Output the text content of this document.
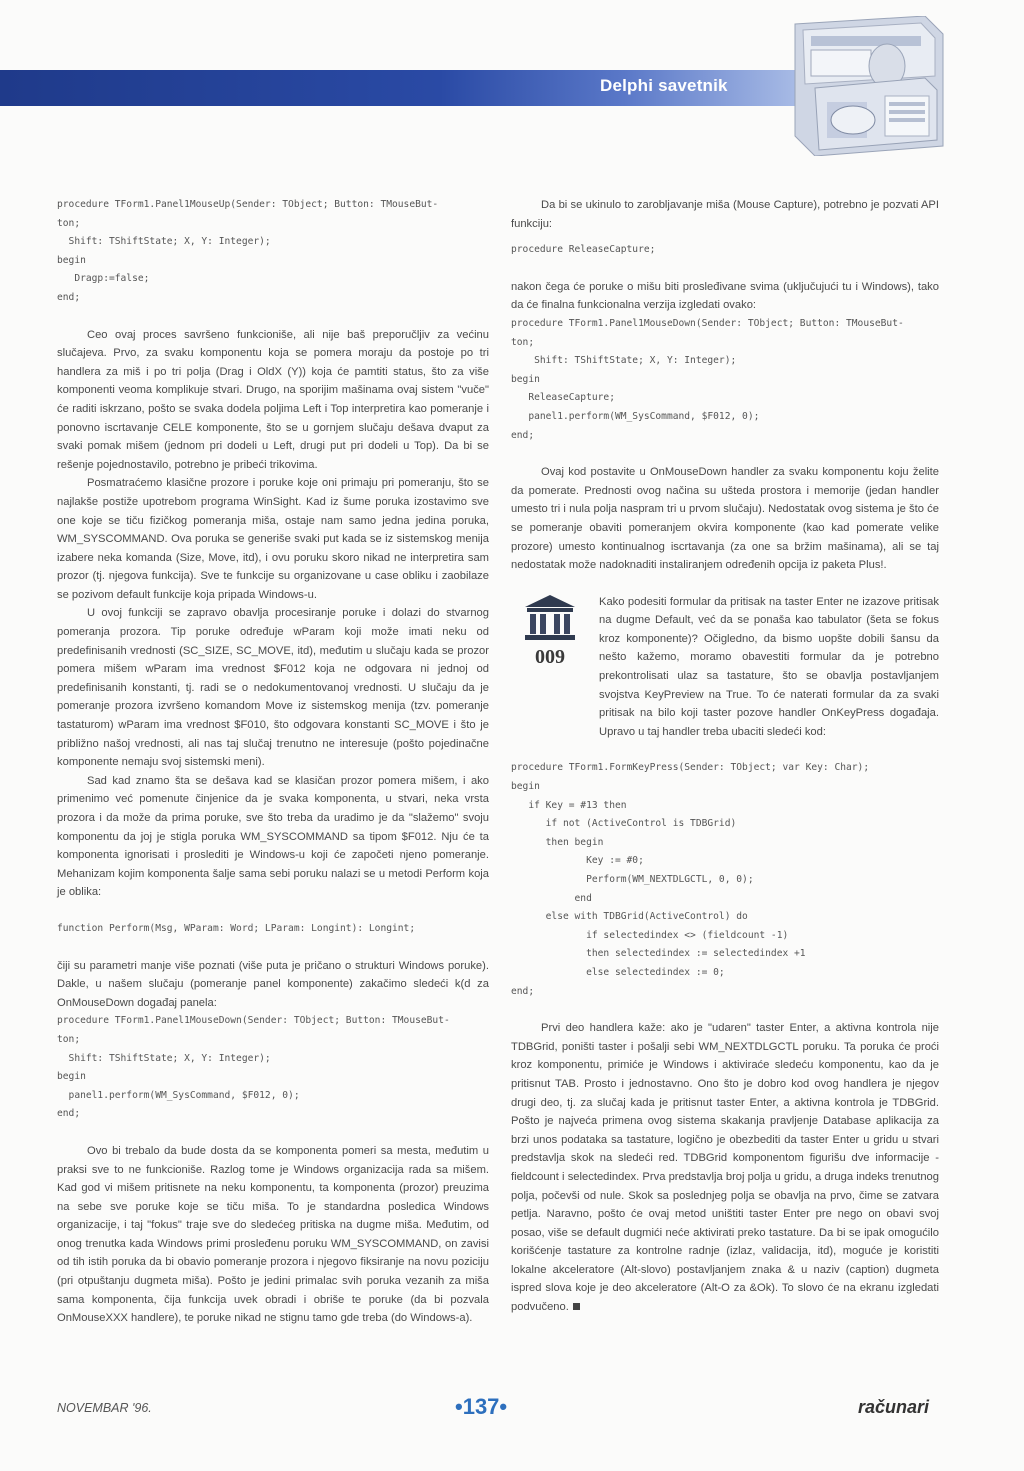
Delphi savetnik
procedure TForm1.Panel1MouseUp(Sender: TObject; Button: TMouseBut-
ton;
Shift: TShiftState; X, Y: Integer);
begin
Dragp:=false;
end;

Ceo ovaj proces savršeno funkcioniše, ali nije baš preporučljiv za većinu slučajeva. Prvo, za svaku komponentu koja se pomera moraju da postoje po tri handlera za miš i po tri polja (Drag i OldX (Y)) koja će pamtiti status, što za više komponenti veoma komplikuje stvari. Drugo, na sporijim mašinama ovaj sistem "vuče" će raditi iskrzano, pošto se svaka dodela poljima Left i Top interpretira kao pomeranje i ponovno iscrtavanje CELE komponente, što se u gornjem slučaju dešava dvaput za svaki pomak mišem (jednom pri dodeli u Left, drugi put pri dodeli u Top). Da bi se rešenje pojednostavilo, potrebno je pribeći trikovima.

Posmatraćemo klasične prozore i poruke koje oni primaju pri pomeranju, što se najlakše postiže upotrebom programa WinSight. Kad iz šume poruka izostavimo sve one koje se tiču fizičkog pomeranja miša, ostaje nam samo jedna jedina poruka, WM_SYSCOMMAND. Ova poruka se generiše svaki put kada se iz sistemskog menija izabere neka komanda (Size, Move, itd), i ovu poruku skoro nikad ne interpretira sam prozor (tj. njegova funkcija). Sve te funkcije su organizovane u case obliku i zaobilaze se pozivom default funkcije koja pripada Windows-u.

U ovoj funkciji se zapravo obavlja procesiranje poruke i dolazi do stvarnog pomeranja prozora. Tip poruke određuje wParam koji može imati neku od predefinisanih vrednosti (SC_SIZE, SC_MOVE, itd), međutim u slučaju kada se prozor pomera mišem wParam ima vrednost $F012 koja ne odgovara ni jednoj od predefinisanih konstanti, tj. radi se o nedokumentovanoj vrednosti. U slučaju da je pomeranje prozora izvršeno komandom Move iz sistemskog menija (tzv. pomeranje tastaturom) wParam ima vrednost $F010, što odgovara konstanti SC_MOVE i što je približno našoj vrednosti, ali nas taj slučaj trenutno ne interesuje (pošto pojedinačne komponente nemaju svoj sistemski meni).

Sad kad znamo šta se dešava kad se klasičan prozor pomera mišem, i ako primenimo već pomenute činjenice da je svaka komponenta, u stvari, neka vrsta prozora i da može da prima poruke, sve što treba da uradimo je da "slažemo" svoju komponentu da joj je stigla poruka WM_SYSCOMMAND sa tipom $F012. Nju će ta komponenta ignorisati i proslediti je Windows-u koji će započeti njeno pomeranje. Mehanizam kojim komponenta šalje sama sebi poruku nalazi se u metodi Perform koja je oblika:

function Perform(Msg, WParam: Word; LParam: Longint): Longint;

čiji su parametri manje više poznati (više puta je pričano o strukturi Windows poruke). Dakle, u našem slučaju (pomeranje panel komponente) zakačimo sledeći k(d za OnMouseDown događaj panela:

procedure TForm1.Panel1MouseDown(Sender: TObject; Button: TMouseBut-
ton;
Shift: TShiftState; X, Y: Integer);
begin
panel1.perform(WM_SysCommand, $F012, 0);
end;

Ovo bi trebalo da bude dosta da se komponenta pomeri sa mesta, međutim u praksi sve to ne funkcioniše. Razlog tome je Windows organizacija rada sa mišem. Kad god vi mišem pritisnete na neku komponentu, ta komponenta (prozor) preuzima na sebe sve poruke koje se tiču miša. To je standardna posledica Windows organizacije, i taj "fokus" traje sve do sledećeg pritiska na dugme miša. Međutim, od onog trenutka kada Windows primi prosleđenu poruku WM_SYSCOMMAND, on zavisi od tih istih poruka da bi obavio pomeranje prozora i njegovo fiksiranje na novu poziciju (pri otpuštanju dugmeta miša). Pošto je jedini primalac svih poruka vezanih za miša sama komponenta, čija funkcija uvek obradi i obriše te poruke (da bi pozvala OnMouseXXX handlere), te poruke nikad ne stignu tamo gde treba (do Windows-a).

Da bi se ukinulo to zarobljavanje miša (Mouse Capture), potrebno je pozvati API funkciju:

procedure ReleaseCapture;

nakon čega će poruke o mišu biti prosleđivane svima (uključujući tu i Windows), tako da će finalna funkcionalna verzija izgledati ovako:

procedure TForm1.Panel1MouseDown(Sender: TObject; Button: TMouseBut-
ton;
Shift: TShiftState; X, Y: Integer);
begin
ReleaseCapture;
panel1.perform(WM_SysCommand, $F012, 0);
end;

Ovaj kod postavite u OnMouseDown handler za svaku komponentu koju želite da pomerate. Prednosti ovog načina su ušteda prostora i memorije (jedan handler umesto tri i nula polja naspram tri u prvom slučaju). Nedostatak ovog sistema je što će se pomeranje obaviti pomeranjem okvira komponente (kao kad pomerate velike prozore) umesto kontinualnog iscrtavanja (za one sa bržim mašinama), ali se taj nedostatak može nadoknaditi instaliranjem određenih opcija iz paketa Plus!.

009

Kako podesiti formular da pritisak na taster Enter ne izazove pritisak na dugme Default, već da se ponaša kao tabulator (šeta se fokus kroz komponente)? Očigledno, da bismo uopšte dobili šansu da nešto kažemo, moramo obavestiti formular da je potrebno prekontrolisati ulaz sa tastature, što se obavlja postavljanjem svojstva KeyPreview na True. To će naterati formular da za svaki pritisak na bilo koji taster pozove handler OnKeyPress događaja. Upravo u taj handler treba ubaciti sledeći kod:

procedure TForm1.FormKeyPress(Sender: TObject; var Key: Char);
begin
if Key = #13 then
if not (ActiveControl is TDBGrid)
then begin
Key := #0;
Perform(WM_NEXTDLGCTL, 0, 0);
end
else with TDBGrid(ActiveControl) do
if selectedindex <> (fieldcount -1)
then selectedindex := selectedindex +1
else selectedindex := 0;
end;

Prvi deo handlera kaže: ako je "udaren" taster Enter, a aktivna kontrola nije TDBGrid, poništi taster i pošalji sebi WM_NEXTDLGCTL poruku. Ta poruka će proći kroz komponentu, primiće je Windows i aktiviraće sledeću komponentu, kao da je pritisnut TAB. Prosto i jednostavno. Ono što je dobro kod ovog handlera je njegov drugi deo, tj. za slučaj kada je pritisnut taster Enter, a aktivna kontrola je TDBGrid. Pošto je najveća primena ovog sistema skakanja pravljenje Database aplikacija za brzi unos podataka sa tastature, logično je obezbediti da taster Enter u gridu u stvari predstavlja skok na sledeći red. TDBGrid komponentom figurišu dve informacije - fieldcount i selectedindex. Prva predstavlja broj polja u gridu, a druga indeks trenutnog polja, počevši od nule. Skok sa poslednjeg polja se obavlja na prvo, čime se zatvara petlja. Naravno, pošto će ovaj metod uništiti taster Enter pre nego on obavi svoj posao, više se default dugmići neće aktivirati preko tastature. Da bi se ipak omogućilo korišćenje tastature za kontrolne radnje (izlaz, validacija, itd), moguće je koristiti lokalne akceleratore (Alt-slovo) postavljanjem znaka & u naziv (caption) dugmeta ispred slova koje je deo akceleratore (Alt-O za &Ok). To slovo će na ekranu izgledati podvučeno.

NOVEMBAR '96.	•137•	računari
